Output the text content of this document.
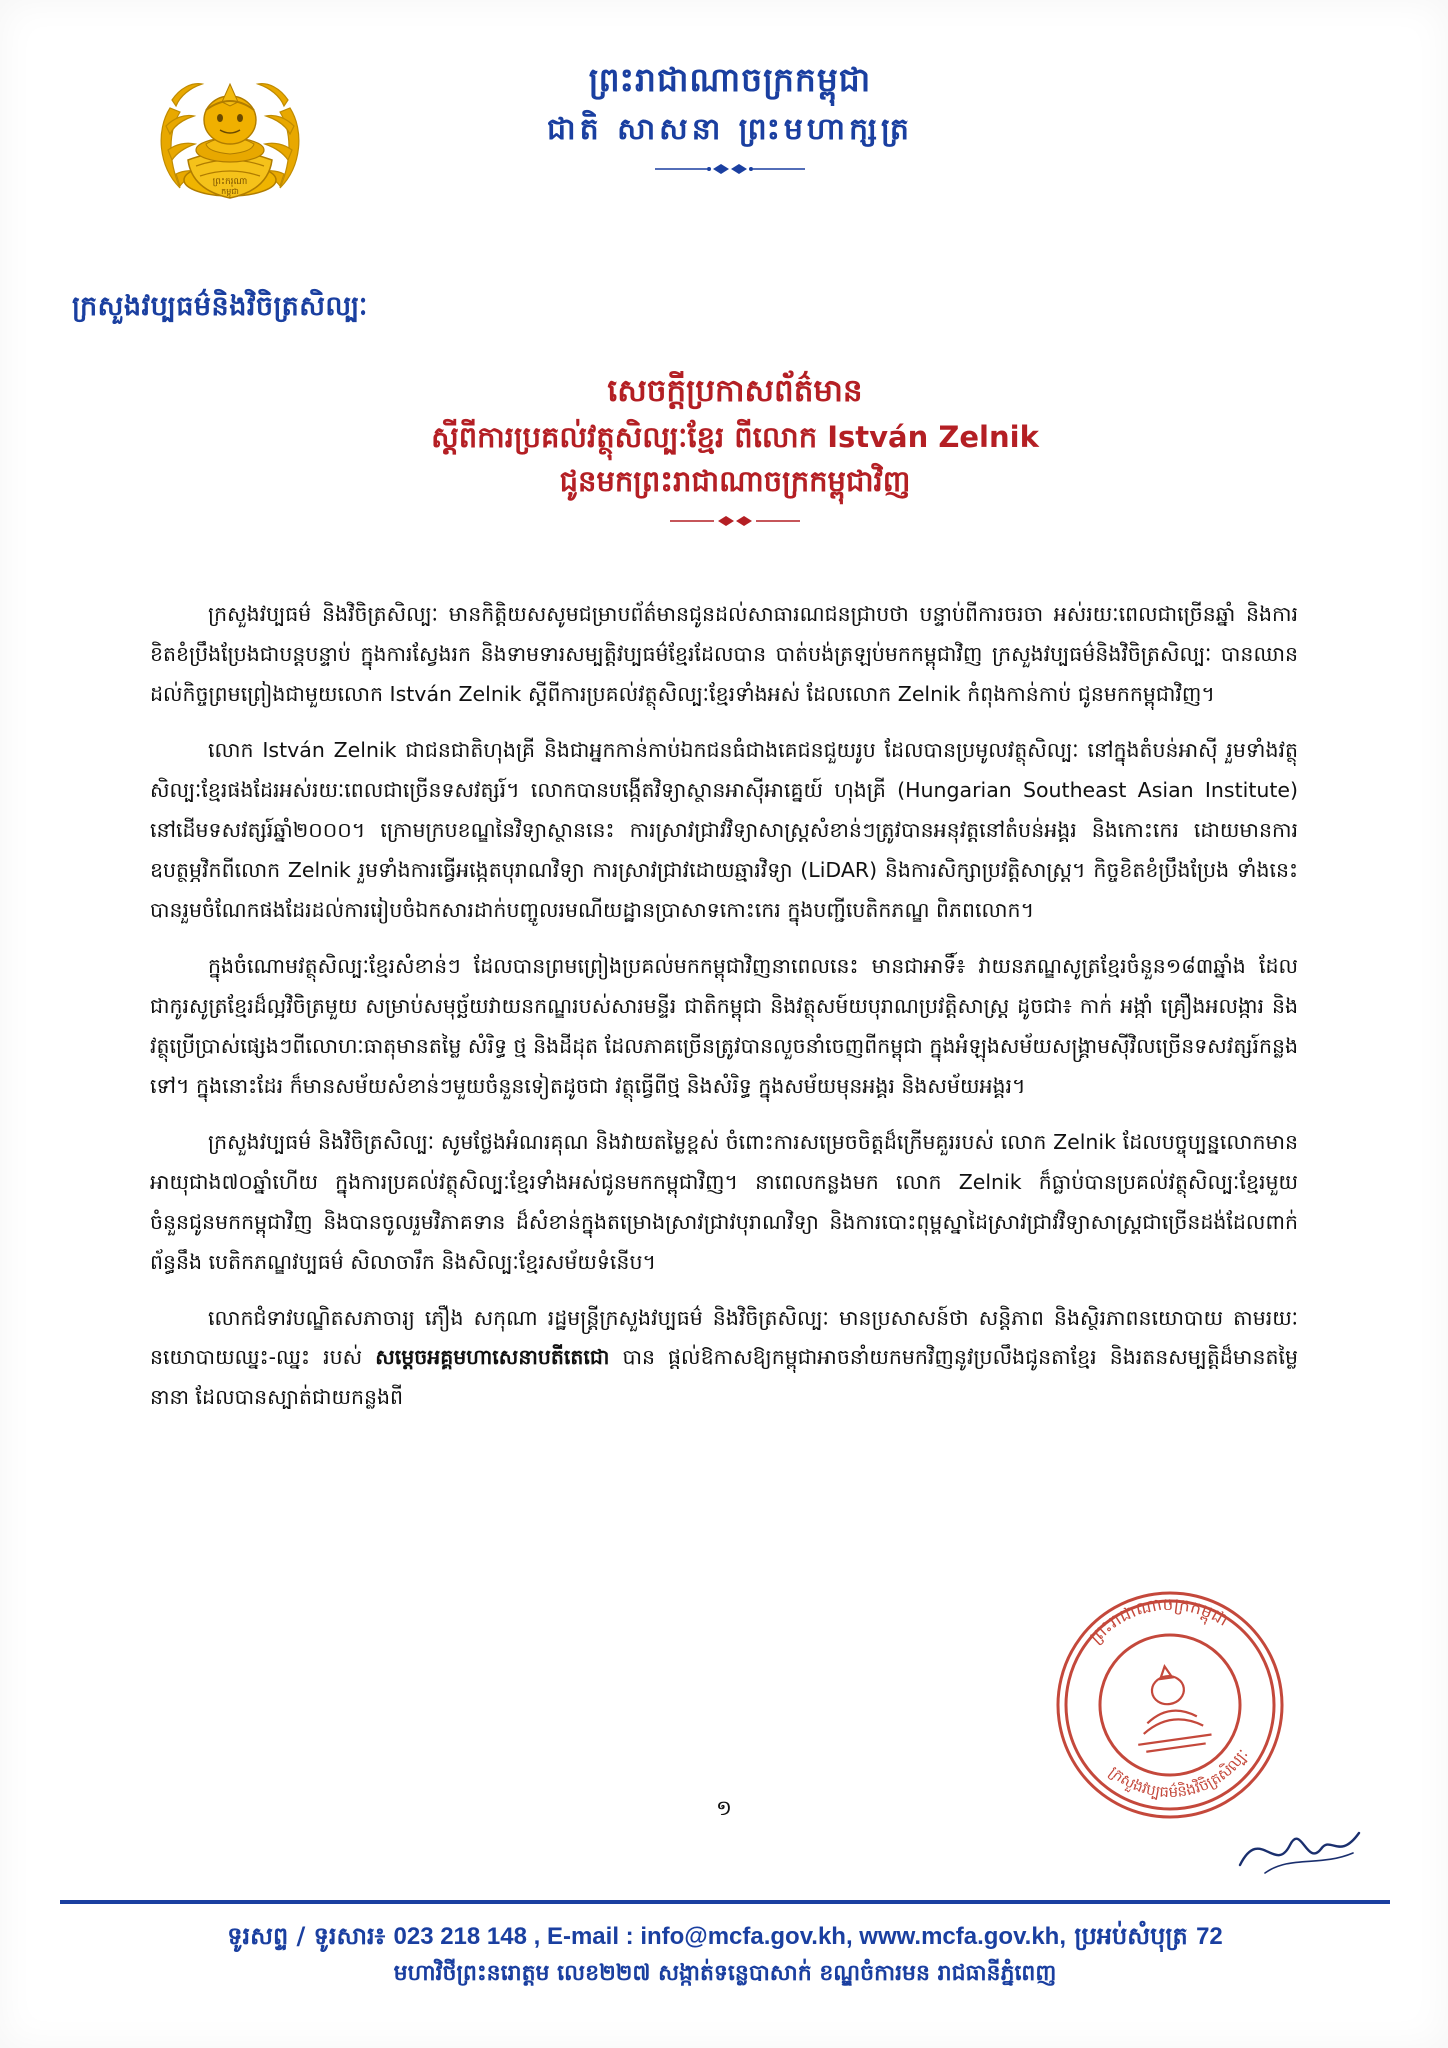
ព្រះករុណា
កម្ពុជា
ព្រះរាជាណាចក្រកម្ពុជា
ជាតិ សាសនា ព្រះមហាក្សត្រ
ក្រសួងវប្បធម៌និងវិចិត្រសិល្បៈ
សេចក្ដីប្រកាសព័ត៌មាន
ស្ដីពីការប្រគល់វត្ថុសិល្បៈខ្មែរ ពីលោក István Zelnik
ជូនមកព្រះរាជាណាចក្រកម្ពុជាវិញ

ក្រសួងវប្បធម៌ និងវិចិត្រសិល្បៈ មានកិត្តិយសសូមជម្រាបព័ត៌មានជូនដល់សាធារណជនជ្រាបថា បន្ទាប់ពីការចរចា អស់រយៈពេលជាច្រើនឆ្នាំ និងការខិតខំប្រឹងប្រែងជាបន្តបន្ទាប់ ក្នុងការស្វែងរក និងទាមទារសម្បត្តិវប្បធម៌ខ្មែរដែលបាន បាត់បង់ត្រឡប់មកកម្ពុជាវិញ ក្រសួងវប្បធម៌និងវិចិត្រសិល្បៈ បានឈានដល់កិច្ចព្រមព្រៀងជាមួយលោក István Zelnik ស្ដីពីការប្រគល់វត្ថុសិល្បៈខ្មែរទាំងអស់ ដែលលោក Zelnik កំពុងកាន់កាប់ ជូនមកកម្ពុជាវិញ។

លោក István Zelnik ជាជនជាតិហុងគ្រី និងជាអ្នកកាន់កាប់ឯកជនធំជាងគេជនជួយរូប ដែលបានប្រមូលវត្ថុសិល្បៈ នៅក្នុងតំបន់អាស៊ី រួមទាំងវត្ថុសិល្បៈខ្មែរផងដែរអស់រយៈពេលជាច្រើនទសវត្សរ៍។ លោកបានបង្កើតវិទ្យាស្ថានអាស៊ីអាគ្នេយ៍ ហុងគ្រី (Hungarian Southeast Asian Institute) នៅដើមទសវត្សរ៍ឆ្នាំ២០០០។ ក្រោមក្របខណ្ឌនៃវិទ្យាស្ថាននេះ ការស្រាវជ្រាវវិទ្យាសាស្ត្រសំខាន់ៗត្រូវបានអនុវត្តនៅតំបន់អង្គរ និងកោះកេរ ដោយមានការឧបត្ថម្ភវិកពីលោក Zelnik រួមទាំងការធ្វើអង្កេតបុរាណវិទ្យា ការស្រាវជ្រាវដោយឆ្មារវិទ្យា (LiDAR) និងការសិក្សាប្រវត្តិសាស្ត្រ។ កិច្ចខិតខំប្រឹងប្រែង ទាំងនេះបានរួមចំណែកផងដែរដល់ការរៀបចំឯកសារដាក់បញ្ចូលរមណីយដ្ឋានប្រាសាទកោះកេរ ក្នុងបញ្ជីបេតិកភណ្ឌ ពិភពលោក។

ក្នុងចំណោមវត្ថុសិល្បៈខ្មែរសំខាន់ៗ ដែលបានព្រមព្រៀងប្រគល់មកកម្ពុជាវិញនាពេលនេះ មានជាអាទិ៍៖ វាយនភណ្ឌសូត្រខ្មែរចំនួន១៨៣ឆ្នាំង ដែលជាកូរសូត្រខ្មែរដ៏ល្អវិចិត្រមួយ សម្រាប់សមុច្ឆ័យវាយនកណ្ឌរបស់សារមន្ទីរ ជាតិកម្ពុជា និងវត្ថុសម៍យបុរាណប្រវត្តិសាស្ត្រ ដូចជា៖ កាក់ អង្កាំ គ្រឿងអលង្ការ និងវត្ថុប្រើប្រាស់ផ្សេងៗពីលោហៈធាតុមានតម្លៃ សំរិទ្ធ ថ្ម និងដីដុត ដែលភាគច្រើនត្រូវបានលួចនាំចេញពីកម្ពុជា ក្នុងអំឡុងសម័យសង្គ្រាមស៊ីវិលច្រើនទសវត្សរ៍កន្លងទៅ។ ក្នុងនោះដែរ ក៏មានសម័យសំខាន់ៗមួយចំនួនទៀតដូចជា វត្ថុធ្វើពីថ្ម និងសំរិទ្ធ ក្នុងសម័យមុនអង្គរ និងសម័យអង្គរ។

ក្រសួងវប្បធម៌ និងវិចិត្រសិល្បៈ សូមថ្លែងអំណរគុណ និងវាយតម្លៃខ្ពស់ ចំពោះការសម្រេចចិត្តដ៏ក្រើមគួររបស់ លោក Zelnik ដែលបច្ចុប្បន្នលោកមានអាយុជាង៧០ឆ្នាំហើយ ក្នុងការប្រគល់វត្ថុសិល្បៈខ្មែរទាំងអស់ជូនមកកម្ពុជាវិញ។ នាពេលកន្លងមក លោក Zelnik ក៏ធ្លាប់បានប្រគល់វត្ថុសិល្បៈខ្មែរមួយចំនួនជូនមកកម្ពុជាវិញ និងបានចូលរួមវិភាគទាន ដ៏សំខាន់ក្នុងតម្រោងស្រាវជ្រាវបុរាណវិទ្យា និងការបោះពុម្ពស្នាដៃស្រាវជ្រាវវិទ្យាសាស្ត្រជាច្រើនដង់ដែលពាក់ព័ន្ធនឹង បេតិកភណ្ឌវប្បធម៌ សិលាចារឹក និងសិល្បៈខ្មែរសម័យទំនើប។

លោកជំទាវបណ្ឌិតសភាចារ្យ ភឿង សកុណា រដ្ឋមន្ត្រីក្រសួងវប្បធម៌ និងវិចិត្រសិល្បៈ មានប្រសាសន៍ថា សន្តិភាព និងស្ថិរភាពនយោបាយ តាមរយៈនយោបាយឈ្នះ-ឈ្នះ របស់ សម្ដេចអគ្គមហាសេនាបតីតេជោ បាន ផ្ដល់ឱកាសឱ្យកម្ពុជាអាចនាំយកមកវិញនូវប្រលឹងជូនតាខ្មែរ និងរតនសម្បត្តិដ៏មានតម្លៃនានា ដែលបានស្បាត់ជាយកន្លងពី

១
ព្រះរាជាណាចក្រកម្ពុជា
ក្រសួងវប្បធម៌និងវិចិត្រសិល្បៈ
ទូរសព្ទ / ទូរសារ៖ 023 218 148 , E-mail : info@mcfa.gov.kh, www.mcfa.gov.kh, ប្រអប់សំបុត្រ 72
មហាវិថីព្រះនរោត្តម លេខ២២៧ សង្កាត់ទន្លេបាសាក់ ខណ្ឌចំការមន រាជធានីភ្នំពេញ
